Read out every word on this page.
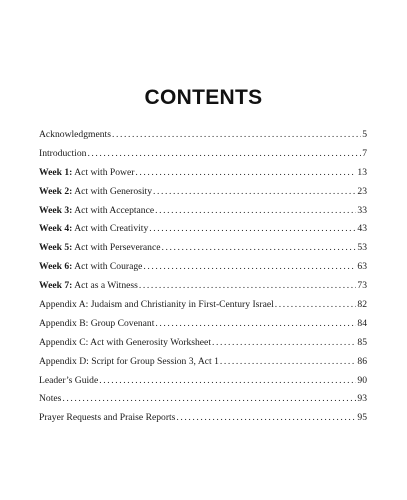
CONTENTS
Acknowledgments .....	5
Introduction .....	7
Week 1: Act with Power .....	13
Week 2: Act with Generosity .....	23
Week 3: Act with Acceptance .....	33
Week 4: Act with Creativity .....	43
Week 5: Act with Perseverance .....	53
Week 6: Act with Courage .....	63
Week 7: Act as a Witness .....	73
Appendix A: Judaism and Christianity in First-Century Israel .....	82
Appendix B: Group Covenant .....	84
Appendix C: Act with Generosity Worksheet .....	85
Appendix D: Script for Group Session 3, Act 1 .....	86
Leader’s Guide .....	90
Notes .....	93
Prayer Requests and Praise Reports .....	95
